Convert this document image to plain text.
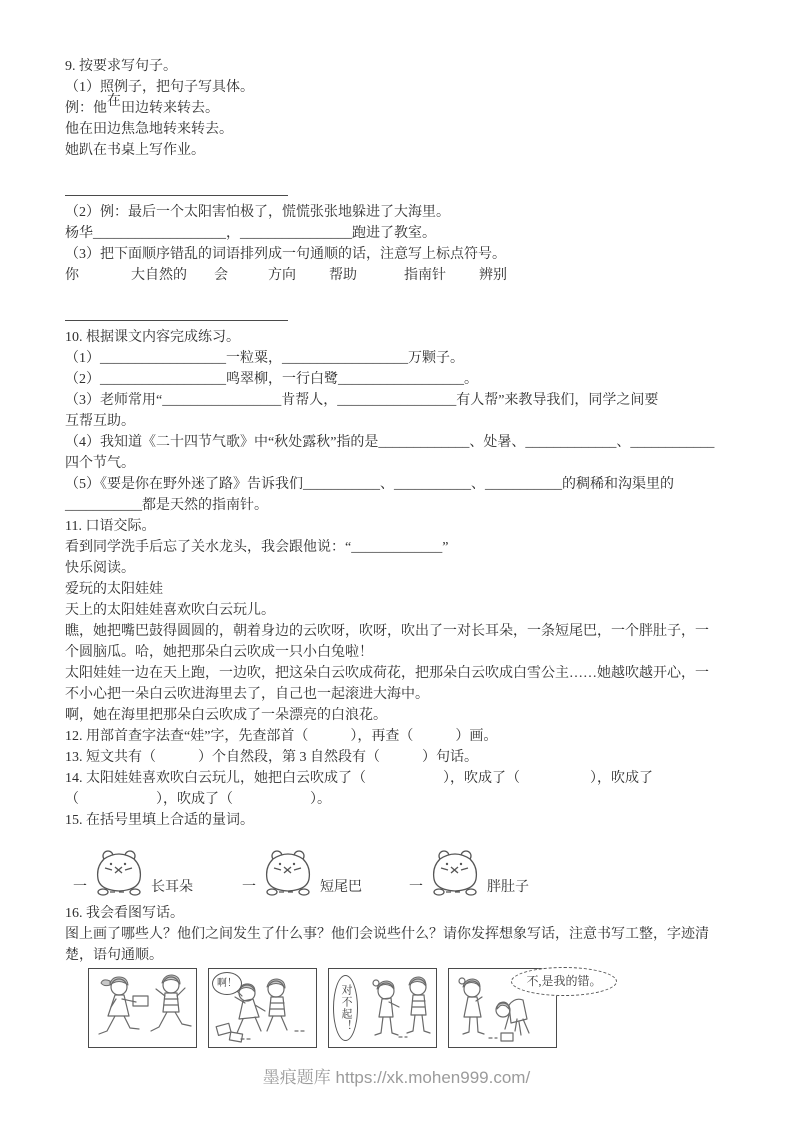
9. 按要求写句子。

（1）照例子，把句子写具体。

例：他在田边转来转去。

他在田边焦急地转来转去。

她趴在书桌上写作业。

（2）例：最后一个太阳害怕极了，慌慌张张地躲进了大海里。

杨华___________________，________________跑进了教室。

（3）把下面顺序错乱的词语排列成一句通顺的话，注意写上标点符号。

你	大自然的 会	方向 帮助	指南针 辨别

10. 根据课文内容完成练习。

（1）__________________一粒粟，__________________万颗子。

（2）__________________鸣翠柳，一行白鹭__________________。

（3）老师常用“_________________肯帮人，_________________有人帮”来教导我们，同学之间要

互帮互助。

（4）我知道《二十四节气歌》中“秋处露秋”指的是_____________、处暑、_____________、____________

四个节气。

（5）《要是你在野外迷了路》告诉我们___________、___________、___________的稠稀和沟渠里的

___________都是天然的指南针。

11. 口语交际。

看到同学洗手后忘了关水龙头，我会跟他说：“_____________”

快乐阅读。

爱玩的太阳娃娃

天上的太阳娃娃喜欢吹白云玩儿。

瞧，她把嘴巴鼓得圆圆的，朝着身边的云吹呀，吹呀，吹出了一对长耳朵，一条短尾巴，一个胖肚子，一

个圆脑瓜。哈，她把那朵白云吹成一只小白兔啦！

太阳娃娃一边在天上跑，一边吹，把这朵白云吹成荷花，把那朵白云吹成白雪公主……她越吹越开心，一

不小心把一朵白云吹进海里去了，自己也一起滚进大海中。

啊，她在海里把那朵白云吹成了一朵漂亮的白浪花。

12. 用部首查字法查“娃”字，先查部首（            ），再查（            ）画。

13. 短文共有（            ）个自然段，第 3 自然段有（            ）句话。

14. 太阳娃娃喜欢吹白云玩儿，她把白云吹成了（                      ），吹成了（                    ），吹成了

（                      ），吹成了（                      ）。

15. 在括号里填上合适的量词。

一	长耳朵	一	短尾巴	一	胖肚子

16. 我会看图写话。

图上画了哪些人？他们之间发生了什么事？他们会说些什么？请你发挥想象写话，注意书写工整，字迹清

楚，语句通顺。

啊！
对不起！
不,是我的错。
墨痕题库 https://xk.mohen999.com/
